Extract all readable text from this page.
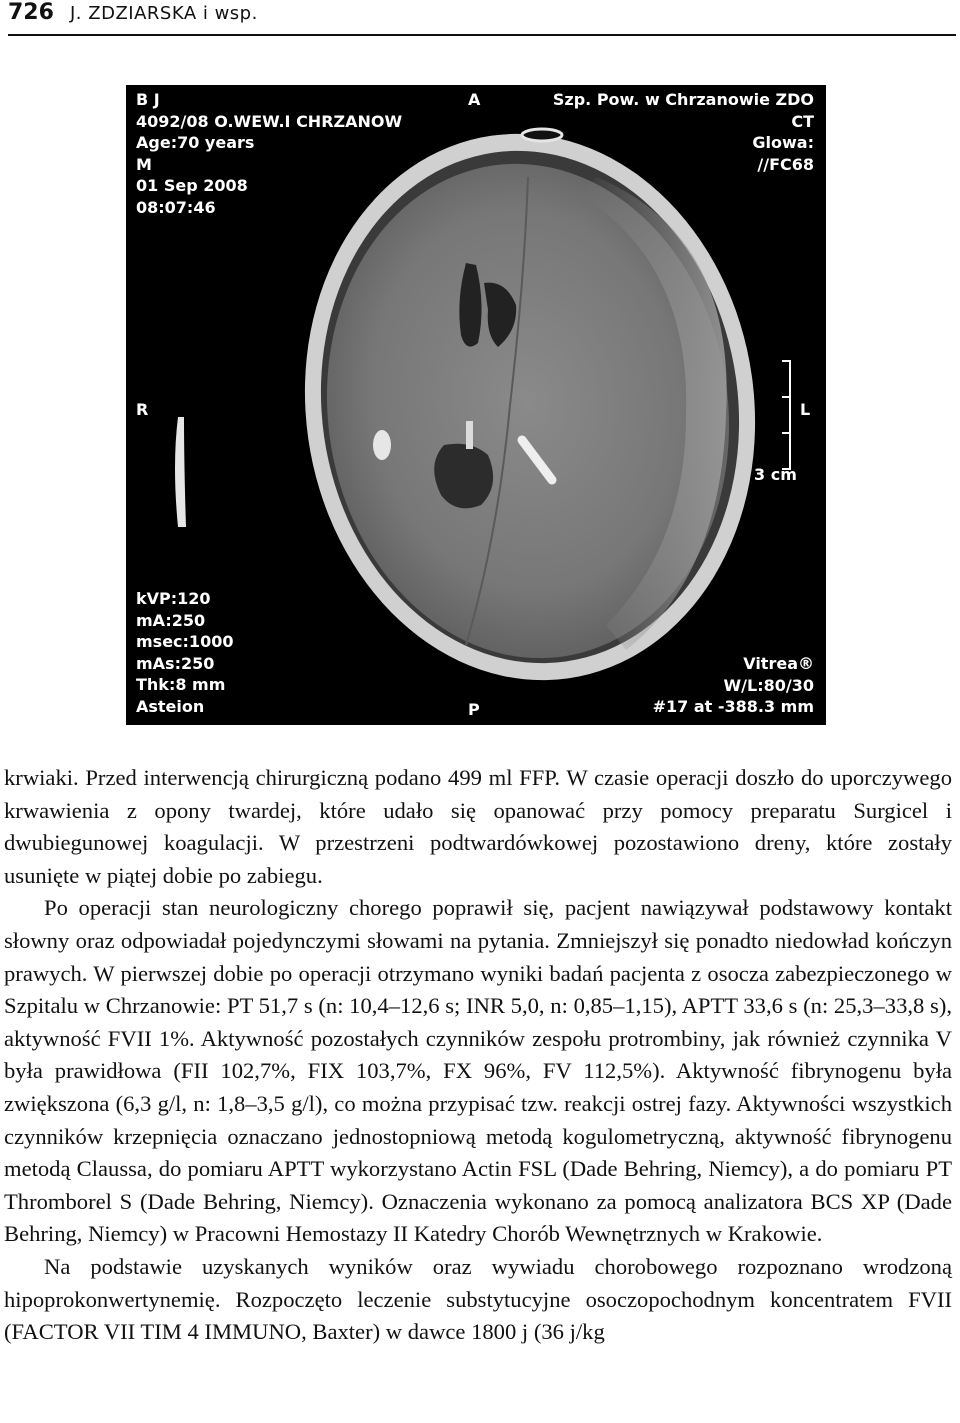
726 J. ZDZIARSKA i wsp.
B J
4092/08 O.WEW.I CHRZANOW
Age:70 years
M
01 Sep 2008
08:07:46
A	Szp. Pow. w Chrzanowie ZDO
CT
Glowa:
//FC68
R	L
3 cm
kVP:120
mA:250
msec:1000
mAs:250
Thk:8 mm
Asteion	P
Vitrea®
W/L:80/30
#17 at -388.3 mm

krwiaki. Przed interwencją chirurgiczną podano 499 ml FFP. W czasie operacji doszło do uporczywego krwawienia z opony twardej, które udało się opanować przy pomocy preparatu Surgicel i dwubiegunowej koagulacji. W przestrzeni podtwardówkowej pozostawiono dreny, które zostały usunięte w piątej dobie po zabiegu.

Po operacji stan neurologiczny chorego poprawił się, pacjent nawiązywał podstawowy kontakt słowny oraz odpowiadał pojedynczymi słowami na pytania. Zmniejszył się ponadto niedowład kończyn prawych. W pierwszej dobie po operacji otrzymano wyniki badań pacjenta z osocza zabezpieczonego w Szpitalu w Chrzanowie: PT 51,7 s (n: 10,4–12,6 s; INR 5,0, n: 0,85–1,15), APTT 33,6 s (n: 25,3–33,8 s), aktywność FVII 1%. Aktywność pozostałych czynników zespołu protrombiny, jak również czynnika V była prawidłowa (FII 102,7%, FIX 103,7%, FX 96%, FV 112,5%). Aktywność fibrynogenu była zwiększona (6,3 g/l, n: 1,8–3,5 g/l), co można przypisać tzw. reakcji ostrej fazy. Aktywności wszystkich czynników krzepnięcia oznaczano jednostopniową metodą kogulometryczną, aktywność fibrynogenu metodą Claussa, do pomiaru APTT wykorzystano Actin FSL (Dade Behring, Niemcy), a do pomiaru PT Thromborel S (Dade Behring, Niemcy). Oznaczenia wykonano za pomocą analizatora BCS XP (Dade Behring, Niemcy) w Pracowni Hemostazy II Katedry Chorób Wewnętrznych w Krakowie.

Na podstawie uzyskanych wyników oraz wywiadu chorobowego rozpoznano wrodzoną hipoprokonwertynemię. Rozpoczęto leczenie substytucyjne osoczopochodnym koncentratem FVII (FACTOR VII TIM 4 IMMUNO, Baxter) w dawce 1800 j (36 j/kg
